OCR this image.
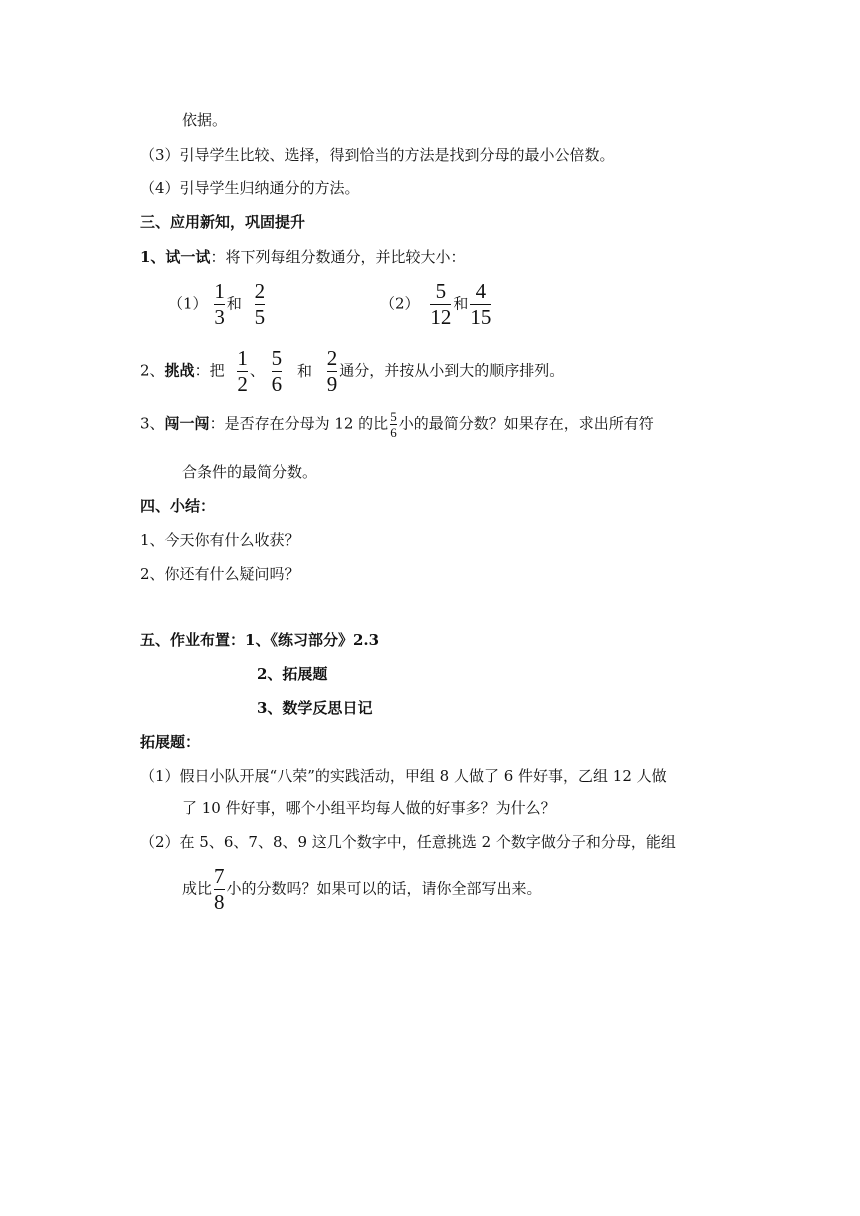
依据。
（3）引导学生比较、选择，得到恰当的方法是找到分母的最小公倍数。
（4）引导学生归纳通分的方法。
三、应用新知，巩固提升
1、试一试：将下列每组分数通分，并比较大小：
$(1) \frac{1}{3}$ 和 $\frac{2}{5}$	$(2) \frac{5}{12}$ 和 $\frac{4}{15}$
2、挑战：把 $\frac{1}{2}$ 、 $\frac{5}{6}$ 和 $\frac{2}{9}$ 通分，并按从小到大的顺序排列。
3、闯一闯：是否存在分母为 12 的比 $\frac{5}{6}$ 小的最简分数？如果存在，求出所有符
合条件的最简分数。
四、小结：
1、今天你有什么收获？
2、你还有什么疑问吗？
五、作业布置：1、《练习部分》2.3
2、拓展题
3、数学反思日记
拓展题：
（1）假日小队开展“八荣”的实践活动，甲组 8 人做了 6 件好事，乙组 12 人做
了 10 件好事，哪个小组平均每人做的好事多？为什么？
（2）在 5、6、7、8、9 这几个数字中，任意挑选 2 个数字做分子和分母，能组
成比 $\frac{7}{8}$ 小的分数吗？如果可以的话，请你全部写出来。
